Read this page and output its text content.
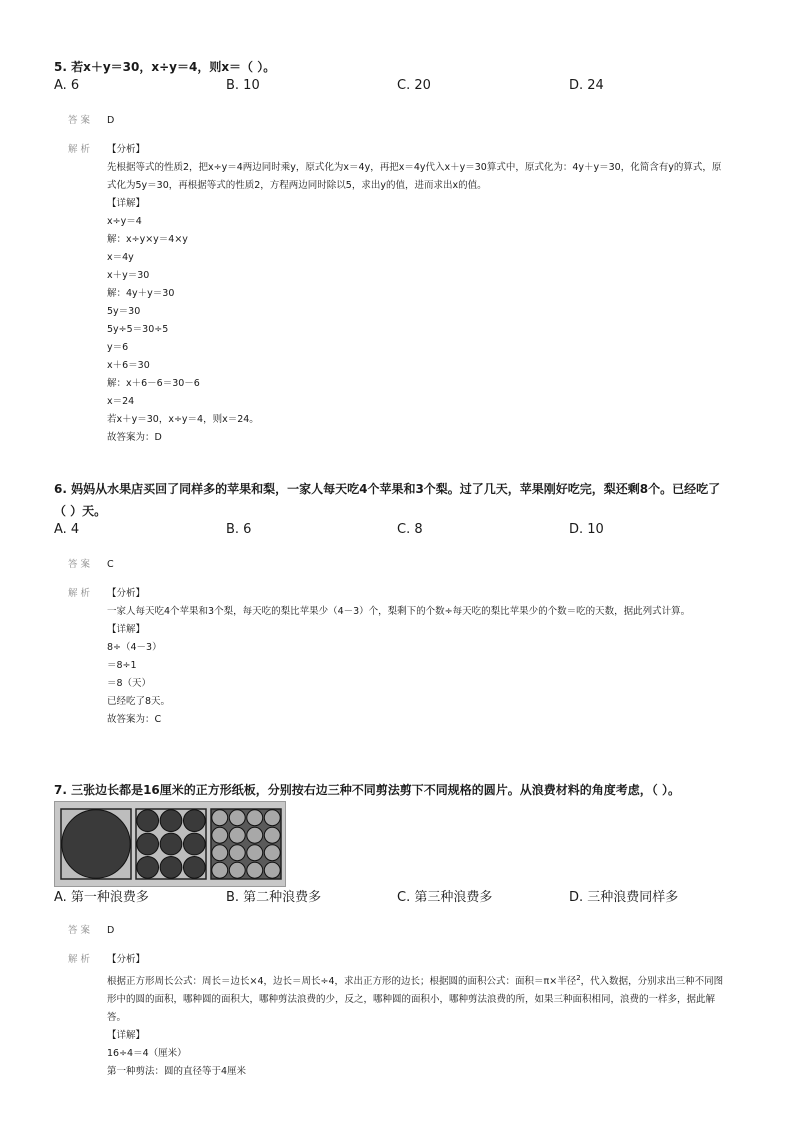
5. 若x＋y＝30，x÷y＝4，则x＝（ ）。
A. 6	B. 10	C. 20	D. 24
答案 D
解析 【分析】
先根据等式的性质2，把x÷y＝4两边同时乘y，原式化为x＝4y，再把x＝4y代入x＋y＝30算式中，原式化为：4y＋y＝30，化简含有y的算式，原式化为5y＝30，再根据等式的性质2，方程两边同时除以5，求出y的值，进而求出x的值。
【详解】
x÷y＝4
解：x÷y×y＝4×y
x＝4y
x＋y＝30
解：4y＋y＝30
5y＝30
5y÷5＝30÷5
y＝6
x＋6＝30
解：x＋6－6＝30－6
x＝24
若x＋y＝30，x÷y＝4，则x＝24。
故答案为：D
6. 妈妈从水果店买回了同样多的苹果和梨，一家人每天吃4个苹果和3个梨。过了几天，苹果刚好吃完，梨还剩8个。已经吃了
（ ）天。
A. 4	B. 6	C. 8	D. 10
答案 C
解析 【分析】
一家人每天吃4个苹果和3个梨，每天吃的梨比苹果少（4－3）个，梨剩下的个数÷每天吃的梨比苹果少的个数＝吃的天数，据此列式计算。
【详解】
8÷（4－3）
＝8÷1
＝8（天）
已经吃了8天。
故答案为：C
7. 三张边长都是16厘米的正方形纸板，分别按右边三种不同剪法剪下不同规格的圆片。从浪费材料的角度考虑，（ ）。
A. 第一种浪费多	B. 第二种浪费多	C. 第三种浪费多	D. 三种浪费同样多
答案 D
解析 【分析】
根据正方形周长公式：周长＝边长×4，边长＝周长÷4，求出正方形的边长；根据圆的面积公式：面积＝π×半径$^2$，代入数据，分别求出三种不同图形中的圆的面积，哪种圆的面积大，哪种剪法浪费的少，反之，哪种圆的面积小，哪种剪法浪费的所，如果三种面积相同，浪费的一样多，据此解答。
【详解】
16÷4＝4（厘米）
第一种剪法：圆的直径等于4厘米
